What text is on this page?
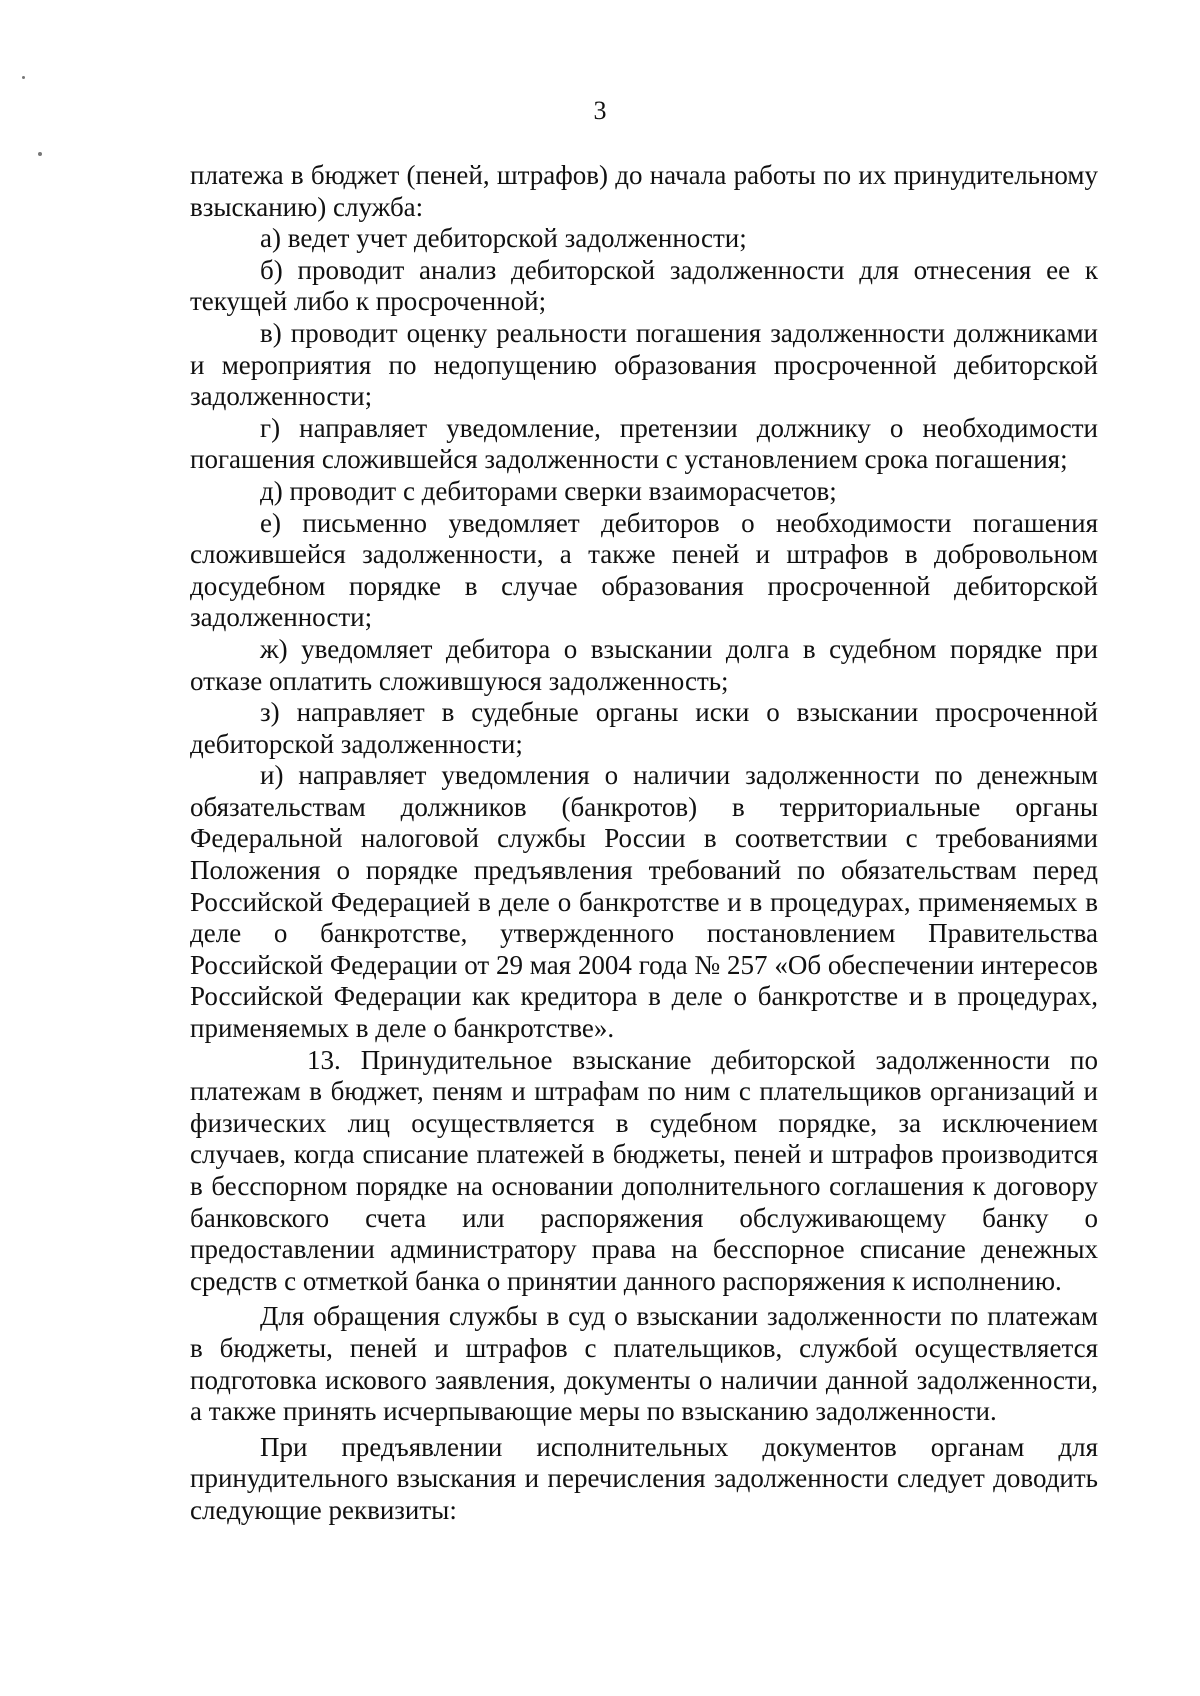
3

платежа в бюджет (пеней, штрафов) до начала работы по их принудительному взысканию) служба:

а) ведет учет дебиторской задолженности;

б) проводит анализ дебиторской задолженности для отнесения ее к текущей либо к просроченной;

в) проводит оценку реальности погашения задолженности должниками и мероприятия по недопущению образования просроченной дебиторской задолженности;

г) направляет уведомление, претензии должнику о необходимости погашения сложившейся задолженности с установлением срока погашения;

д) проводит с дебиторами сверки взаиморасчетов;

е) письменно уведомляет дебиторов о необходимости погашения сложившейся задолженности, а также пеней и штрафов в добровольном досудебном порядке в случае образования просроченной дебиторской задолженности;

ж) уведомляет дебитора о взыскании долга в судебном порядке при отказе оплатить сложившуюся задолженность;

з) направляет в судебные органы иски о взыскании просроченной дебиторской задолженности;

и) направляет уведомления о наличии задолженности по денежным обязательствам должников (банкротов) в территориальные органы Федеральной налоговой службы России в соответствии с требованиями Положения о порядке предъявления требований по обязательствам перед Российской Федерацией в деле о банкротстве и в процедурах, применяемых в деле о банкротстве, утвержденного постановлением Правительства Российской Федерации от 29 мая 2004 года № 257 «Об обеспечении интересов Российской Федерации как кредитора в деле о банкротстве и в процедурах, применяемых в деле о банкротстве».

13. Принудительное взыскание дебиторской задолженности по платежам в бюджет, пеням и штрафам по ним с плательщиков организаций и физических лиц осуществляется в судебном порядке, за исключением случаев, когда списание платежей в бюджеты, пеней и штрафов производится в бесспорном порядке на основании дополнительного соглашения к договору банковского счета или распоряжения обслуживающему банку о предоставлении администратору права на бесспорное списание денежных средств с отметкой банка о принятии данного распоряжения к исполнению.

Для обращения службы в суд о взыскании задолженности по платежам в бюджеты, пеней и штрафов с плательщиков, службой осуществляется подготовка искового заявления, документы о наличии данной задолженности, а также принять исчерпывающие меры по взысканию задолженности.

При предъявлении исполнительных документов органам для принудительного взыскания и перечисления задолженности следует доводить следующие реквизиты:
